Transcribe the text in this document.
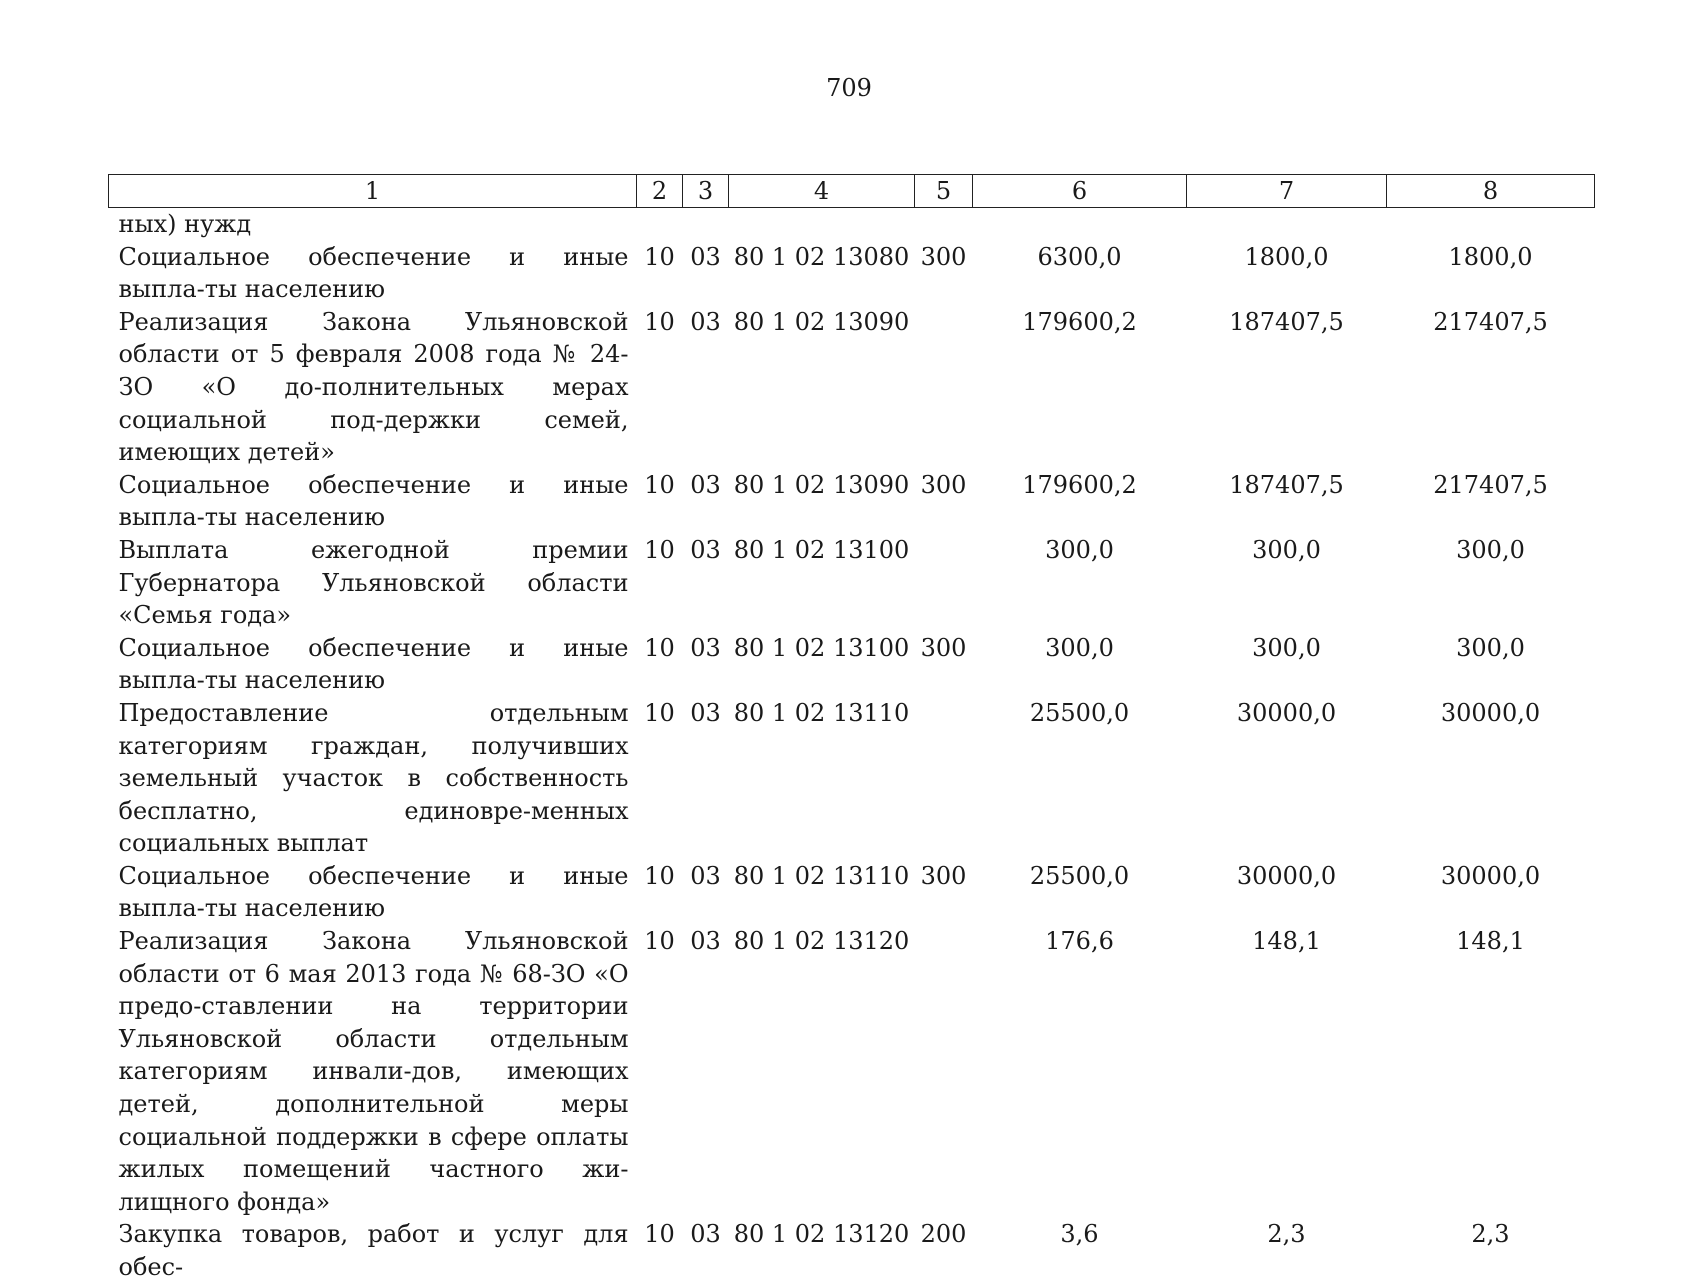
709
1	2	3	4	5	6	7	8
ных) нужд							
Социальное обеспечение и иные выпла-ты населению	10	03	80 1 02 13080	300	6300,0	1800,0	1800,0
Реализация Закона Ульяновской области от 5 февраля 2008 года № 24-ЗО «О до-полнительных мерах социальной под-держки семей, имеющих детей»	10	03	80 1 02 13090		179600,2	187407,5	217407,5
Социальное обеспечение и иные выпла-ты населению	10	03	80 1 02 13090	300	179600,2	187407,5	217407,5
Выплата ежегодной премии Губернатора Ульяновской области «Семья года»	10	03	80 1 02 13100		300,0	300,0	300,0
Социальное обеспечение и иные выпла-ты населению	10	03	80 1 02 13100	300	300,0	300,0	300,0
Предоставление отдельным категориям граждан, получивших земельный участок в собственность бесплатно, единовре-менных социальных выплат	10	03	80 1 02 13110		25500,0	30000,0	30000,0
Социальное обеспечение и иные выпла-ты населению	10	03	80 1 02 13110	300	25500,0	30000,0	30000,0
Реализация Закона Ульяновской области от 6 мая 2013 года № 68-ЗО «О предо-ставлении на территории Ульяновской области отдельным категориям инвали-дов, имеющих детей, дополнительной меры социальной поддержки в сфере оплаты жилых помещений частного жи-лищного фонда»	10	03	80 1 02 13120		176,6	148,1	148,1
Закупка товаров, работ и услуг для обес-	10	03	80 1 02 13120	200	3,6	2,3	2,3
